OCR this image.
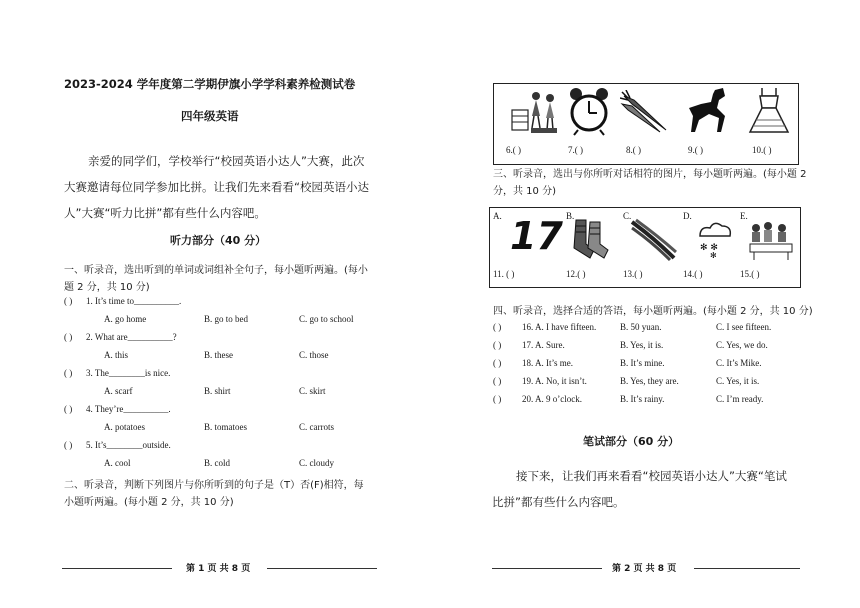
2023-2024 学年度第二学期伊旗小学学科素养检测试卷
四年级英语
亲爱的同学们，学校举行“校园英语小达人”大赛，此次
大赛邀请每位同学参加比拼。让我们先来看看“校园英语小达
人”大赛“听力比拼”都有些什么内容吧。
听力部分（40 分）
一、听录音，选出听到的单词或词组补全句子，每小题听两遍。(每小
题 2 分，共 10 分)
( ) 1. It’s time to__________.
A. go home	B. go to bed	C. go to school
( ) 2. What are__________?
A. this	B. these	C. those
( ) 3. The________is nice.
A. scarf	B. shirt	C. skirt
( ) 4. They’re__________.
A. potatoes	B. tomatoes	C. carrots
( ) 5. It’s________outside.
A. cool	B. cold	C. cloudy
二、听录音，判断下列图片与你所听到的句子是（T）否(F)相符，每
小题听两遍。(每小题 2 分，共 10 分)
第 1 页 共 8 页
6.( )	7.( )	8.( )	9.( )	10.( )
三、听录音，选出与你所听对话相符的图片，每小题听两遍。(每小题 2
分，共 10 分)
A.	B.	C.	D.	E.
17	✻ ✻
✻
11. ( )	12.( )	13.( )	14.( )	15.( )
四、听录音，选择合适的答语，每小题听两遍。(每小题 2 分，共 10 分)
( ) 16. A. I have fifteen.	B. 50 yuan.	C. I see fifteen.
( ) 17. A. Sure.	B. Yes, it is.	C. Yes, we do.
( ) 18. A. It’s me.	B. It’s mine.	C. It’s Mike.
( ) 19. A. No, it isn’t.	B. Yes, they are.	C. Yes, it is.
( ) 20. A. 9 o’clock.	B. It’s rainy.	C. I’m ready.
笔试部分（60 分）
接下来，让我们再来看看“校园英语小达人”大赛“笔试
比拼”都有些什么内容吧。
第 2 页 共 8 页
